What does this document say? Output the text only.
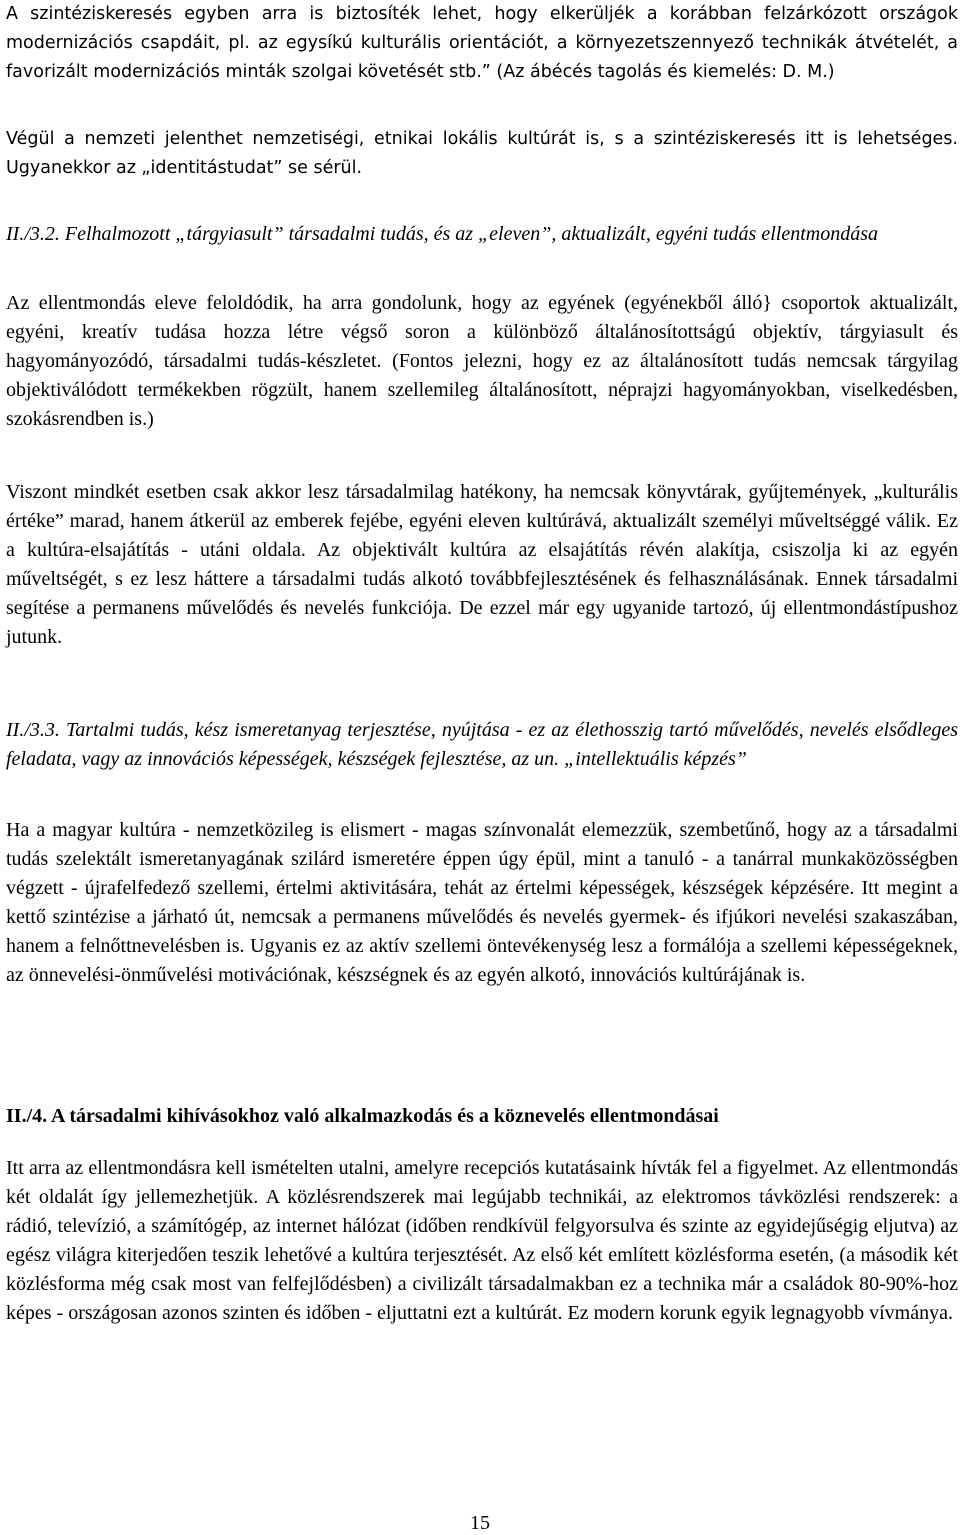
A szintéziskeresés egyben arra is biztosíték lehet, hogy elkerüljék a korábban felzárkózott országok modernizációs csapdáit, pl. az egysíkú kulturális orientációt, a környezetszennyező technikák átvételét, a favorizált modernizációs minták szolgai követését stb.” (Az ábécés tagolás és kiemelés: D. M.)

Végül a nemzeti jelenthet nemzetiségi, etnikai lokális kultúrát is, s a szintéziskeresés itt is lehetséges. Ugyanekkor az „identitástudat” se sérül.

II./3.2. Felhalmozott „tárgyiasult” társadalmi tudás, és az „eleven”, aktualizált, egyéni tudás ellentmondása

Az ellentmondás eleve feloldódik, ha arra gondolunk, hogy az egyének (egyénekből álló} csoportok aktualizált, egyéni, kreatív tudása hozza létre végső soron a különböző általánosítottságú objektív, tárgyiasult és hagyományozódó, társadalmi tudás-készletet. (Fontos jelezni, hogy ez az általánosított tudás nemcsak tárgyilag objektiválódott termékekben rögzült, hanem szellemileg általánosított, néprajzi hagyományokban, viselkedésben, szokásrendben is.)

Viszont mindkét esetben csak akkor lesz társadalmilag hatékony, ha nemcsak könyvtárak, gyűjtemények, „kulturális értéke” marad, hanem átkerül az emberek fejébe, egyéni eleven kultúrává, aktualizált személyi műveltséggé válik. Ez a kultúra-elsajátítás - utáni oldala. Az objektivált kultúra az elsajátítás révén alakítja, csiszolja ki az egyén műveltségét, s ez lesz háttere a társadalmi tudás alkotó továbbfejlesztésének és felhasználásának. Ennek társadalmi segítése a permanens művelődés és nevelés funkciója. De ezzel már egy ugyanide tartozó, új ellentmondástípushoz jutunk.

II./3.3. Tartalmi tudás, kész ismeretanyag terjesztése, nyújtása - ez az élethosszig tartó művelődés, nevelés elsődleges feladata, vagy az innovációs képességek, készségek fejlesztése, az un. „intellektuális képzés”

Ha a magyar kultúra - nemzetközileg is elismert - magas színvonalát elemezzük, szembetűnő, hogy az a társadalmi tudás szelektált ismeretanyagának szilárd ismeretére éppen úgy épül, mint a tanuló - a tanárral munkaközösségben végzett - újrafelfedező szellemi, értelmi aktivitására, tehát az értelmi képességek, készségek képzésére. Itt megint a kettő szintézise a járható út, nemcsak a permanens művelődés és nevelés gyermek- és ifjúkori nevelési szakaszában, hanem a felnőttnevelésben is. Ugyanis ez az aktív szellemi öntevékenység lesz a formálója a szellemi képességeknek, az önnevelési-önművelési motivációnak, készségnek és az egyén alkotó, innovációs kultúrájának is.

II./4. A társadalmi kihívásokhoz való alkalmazkodás és a köznevelés ellentmondásai

Itt arra az ellentmondásra kell ismételten utalni, amelyre recepciós kutatásaink hívták fel a figyelmet. Az ellentmondás két oldalát így jellemezhetjük. A közlésrendszerek mai legújabb technikái, az elektromos távközlési rendszerek: a rádió, televízió, a számítógép, az internet hálózat (időben rendkívül felgyorsulva és szinte az egyidejűségig eljutva) az egész világra kiterjedően teszik lehetővé a kultúra terjesztését. Az első két említett közlésforma esetén, (a második két közlésforma még csak most van felfejlődésben) a civilizált társadalmakban ez a technika már a családok 80-90%-hoz képes - országosan azonos szinten és időben - eljuttatni ezt a kultúrát. Ez modern korunk egyik legnagyobb vívmánya.

15
